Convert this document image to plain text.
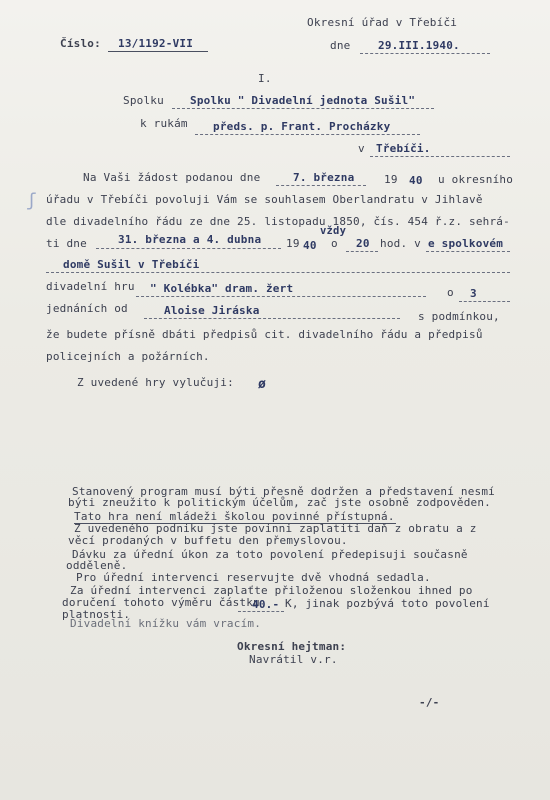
Okresní úřad v Třebíči
Číslo: 13/1192-VII	dne	29.III.1940.
I.
Spolku Spolku " Divadelní jednota Sušil"
k rukám předs. p. Frant. Procházky
v Třebíči.
Na Vaši žádost podanou dne	7. března	19 40 u okresního
úřadu v Třebíči povoluji Vám se souhlasem Oberlandratu v Jihlavě
dle divadelního řádu ze dne 25. listopadu 1850, čís. 454 ř.z. sehrá-
ti dne	31. března a 4. dubna 19 40
vždy
o 20 hod. v e spolkovém
domě Sušil v Třebíči
divadelní hru " Kolébka" dram. žert	o 3
jednáních od	Aloise Jiráska	s podmínkou,
že budete přísně dbáti předpisů cit. divadelního řádu a předpisů
policejních a požárních.
Z uvedené hry vylučuji: ø
ʃ
Stanovený program musí býti přesně dodržen a představení nesmí
býti zneužito k politickým účelům, zač jste osobně zodpověden.
Tato hra není mládeži školou povinné přístupná.
Z uvedeného podniku jste povinni zaplatiti daň z obratu a z
věcí prodaných v buffetu den přemyslovou.
Dávku za úřední úkon za toto povolení předepisuji současně
odděleně.
Pro úřední intervenci reservujte dvě vhodná sedadla.
Za úřední intervenci zaplaťte přiloženou složenkou ihned po
doručení tohoto výměru částku
40.- K, jinak pozbývá toto povolení
platnosti.
Divadelní knížku vám vracím.
Okresní hejtman:
Navrátil v.r.
-/-
